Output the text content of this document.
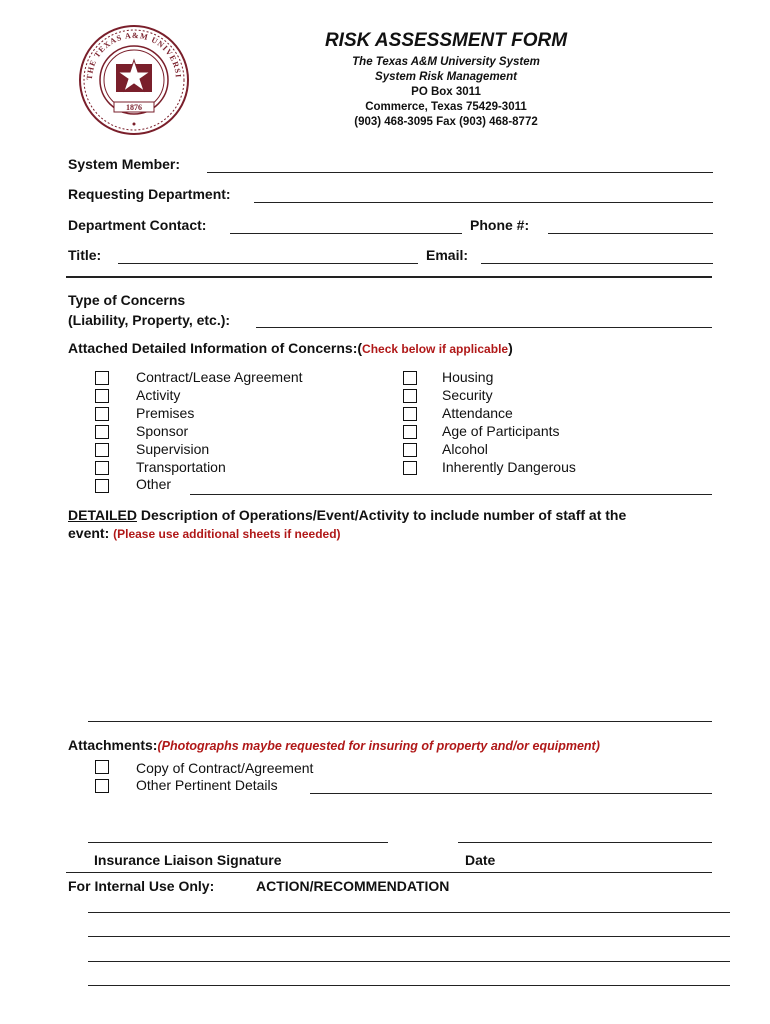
THE TEXAS A&M UNIVERSI
1876
RISK ASSESSMENT FORM
The Texas A&M University System
System Risk Management
PO Box 3011
Commerce, Texas 75429-3011
(903) 468-3095 Fax (903) 468-8772
System Member:
Requesting Department:
Department Contact:	Phone #:
Title:	Email:
Type of Concerns
(Liability, Property, etc.):
Attached Detailed Information of Concerns:(Check below if applicable)
Contract/Lease Agreement
Activity
Premises
Sponsor
Supervision
Transportation
Other
Housing
Security
Attendance
Age of Participants
Alcohol
Inherently Dangerous
DETAILED Description of Operations/Event/Activity to include number of staff at the
event: (Please use additional sheets if needed)
Attachments:(Photographs maybe requested for insuring of property and/or equipment)
Copy of Contract/Agreement
Other Pertinent Details
Insurance Liaison Signature	Date
For Internal Use Only:	ACTION/RECOMMENDATION
